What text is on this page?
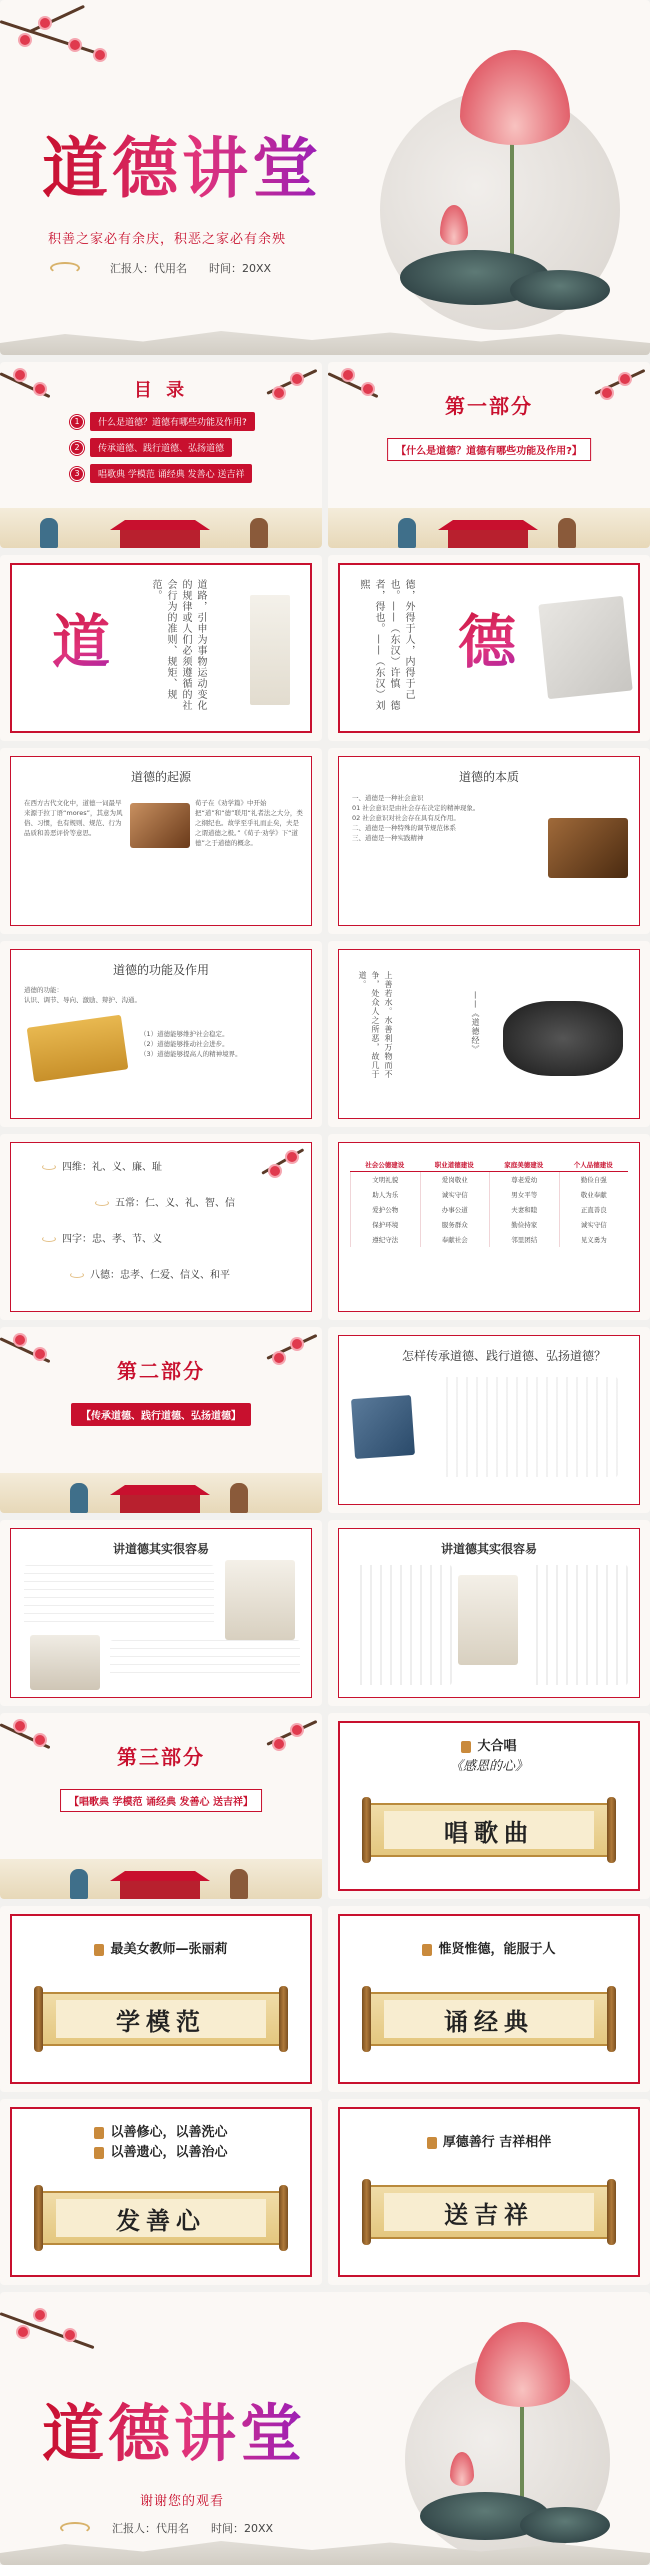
道德讲堂
积善之家必有余庆，积恶之家必有余殃
汇报人：代用名　　时间：20XX
目 录
1	什么是道德？道德有哪些功能及作用?
2	传承道德、践行道德、弘扬道德
3	唱歌典 学模范 诵经典 发善心 送吉祥
第一部分
【什么是道德？道德有哪些功能及作用?】
道	道路，引申为事物运动变化的规律或人们必须遵循的社会行为的准则、规矩、规范。	德，外得于人，内得于己也。——（东汉）许慎　德者，得也。——（东汉）刘熙
德
道德的起源
在西方古代文化中，道德一词最早来源于拉丁语“mores”，其意为风俗、习惯，也有规则、规范、行为品质和善恶评价等意思。
荀子在《劝学篇》中开始把“道”和“德”联用“礼者法之大分，类之纲纪也。故学至乎礼而止矣，夫是之谓道德之极。”《荀子·劝学》下“道德”之于道德的概念。
道德的本质
一、道德是一种社会意识
01 社会意识是由社会存在决定的精神现象。
02 社会意识对社会存在具有反作用。
二、道德是一种特殊的调节规范体系
三、道德是一种实践精神
道德的功能及作用
道德的功能：
认识、调节、导向、激励、辩护、沟通。
（1）道德能够维护社会稳定。
（2）道德能够推动社会进步。
（3）道德能够提高人的精神境界。	上善若水。水善利万物而不争，处众人之所恶，故几于道。
——《道德经》
四维：礼、义、廉、耻
五常：仁、义、礼、智、信
四字：忠、孝、节、义
八德：忠孝、仁爱、信义、和平
社会公德建设	职业道德建设	家庭美德建设	个人品德建设
文明礼貌	爱岗敬业	尊老爱幼	勤俭自强
助人为乐	诚实守信	男女平等	敬业奉献
爱护公物	办事公道	夫妻和睦	正直善良
保护环境	服务群众	勤俭持家	诚实守信
遵纪守法	奉献社会	邻里团结	见义勇为
第二部分
【传承道德、践行道德、弘扬道德】
怎样传承道德、践行道德、弘扬道德？
讲道德其实很容易	讲道德其实很容易
第三部分
【唱歌典 学模范 诵经典 发善心 送吉祥】
大合唱
《感恩的心》
唱歌曲
最美女教师—张丽莉
学模范
惟贤惟德，能服于人
诵经典
以善修心，以善洗心
以善遗心，以善治心
发善心
厚德善行 吉祥相伴
送吉祥
道德讲堂
谢谢您的观看
汇报人：代用名　　时间：20XX
